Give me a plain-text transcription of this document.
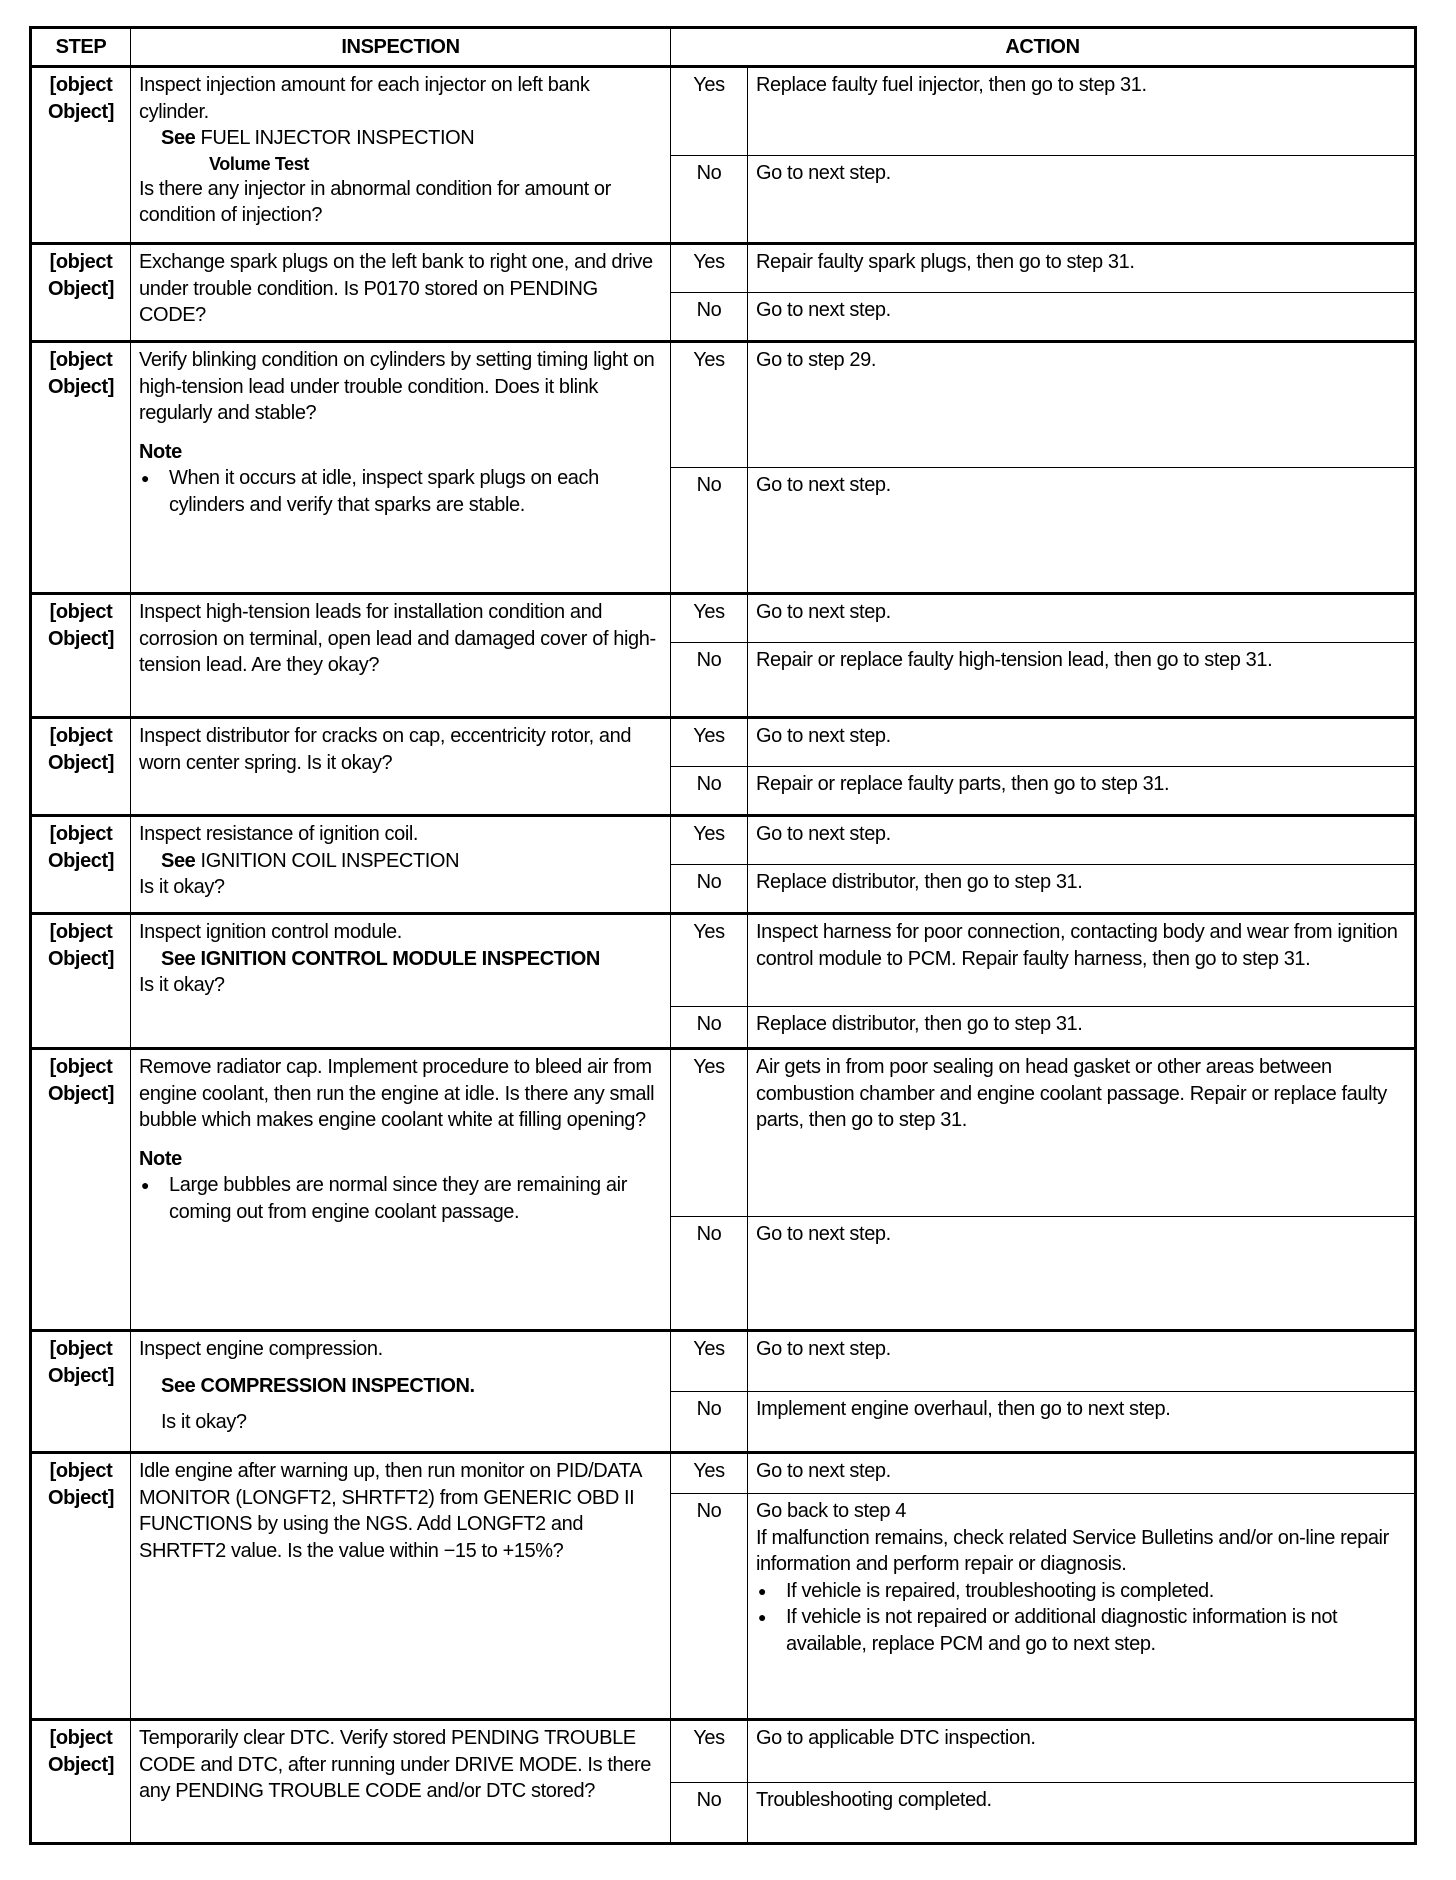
STEP	INSPECTION	ACTION	
[object Object]	Inspect injection amount for each injector on left bank cylinder.

See FUEL INJECTOR INSPECTION

Volume Test

Is there any injector in abnormal condition for amount or condition of injection?	Yes	Replace faulty fuel injector, then go to step 31.

		No	Go to next step.

[object Object]	Exchange spark plugs on the left bank to right one, and drive under trouble condition. Is P0170 stored on PENDING CODE?	Yes	Repair faulty spark plugs, then go to step 31.

		No	Go to next step.

[object Object]	Verify blinking condition on cylinders by setting timing light on high-tension lead under trouble condition. Does it blink regularly and stable?

Note

● When it occurs at idle, inspect spark plugs on each cylinders and verify that sparks are stable.	Yes	Go to step 29.

		No	Go to next step.

[object Object]	Inspect high-tension leads for installation condition and corrosion on terminal, open lead and damaged cover of high-tension lead. Are they okay?	Yes	Go to next step.

		No	Repair or replace faulty high-tension lead, then go to step 31.

[object Object]	Inspect distributor for cracks on cap, eccentricity rotor, and worn center spring. Is it okay?	Yes	Go to next step.

		No	Repair or replace faulty parts, then go to step 31.

[object Object]	Inspect resistance of ignition coil.

See IGNITION COIL INSPECTION

Is it okay?	Yes	Go to next step.

		No	Replace distributor, then go to step 31.

[object Object]	Inspect ignition control module.

See IGNITION CONTROL MODULE INSPECTION

Is it okay?	Yes	Inspect harness for poor connection, contacting body and wear from ignition control module to PCM. Repair faulty harness, then go to step 31.

		No	Replace distributor, then go to step 31.

[object Object]	Remove radiator cap. Implement procedure to bleed air from engine coolant, then run the engine at idle. Is there any small bubble which makes engine coolant white at filling opening?

Note

● Large bubbles are normal since they are remaining air coming out from engine coolant passage.	Yes	Air gets in from poor sealing on head gasket or other areas between combustion chamber and engine coolant passage. Repair or replace faulty parts, then go to step 31.

		No	Go to next step.

[object Object]	Inspect engine compression.

See COMPRESSION INSPECTION.

Is it okay?	Yes	Go to next step.

		No	Implement engine overhaul, then go to next step.

[object Object]	Idle engine after warning up, then run monitor on PID/DATA MONITOR (LONGFT2, SHRTFT2) from GENERIC OBD II FUNCTIONS by using the NGS. Add LONGFT2 and SHRTFT2 value. Is the value within −15 to +15%?	Yes	Go to next step.

		No	Go back to step 4

If malfunction remains, check related Service Bulletins and/or on-line repair information and perform repair or diagnosis.

● If vehicle is repaired, troubleshooting is completed.

● If vehicle is not repaired or additional diagnostic information is not available, replace PCM and go to next step.

[object Object]	Temporarily clear DTC. Verify stored PENDING TROUBLE CODE and DTC, after running under DRIVE MODE. Is there any PENDING TROUBLE CODE and/or DTC stored?	Yes	Go to applicable DTC inspection.

		No	Troubleshooting completed.
